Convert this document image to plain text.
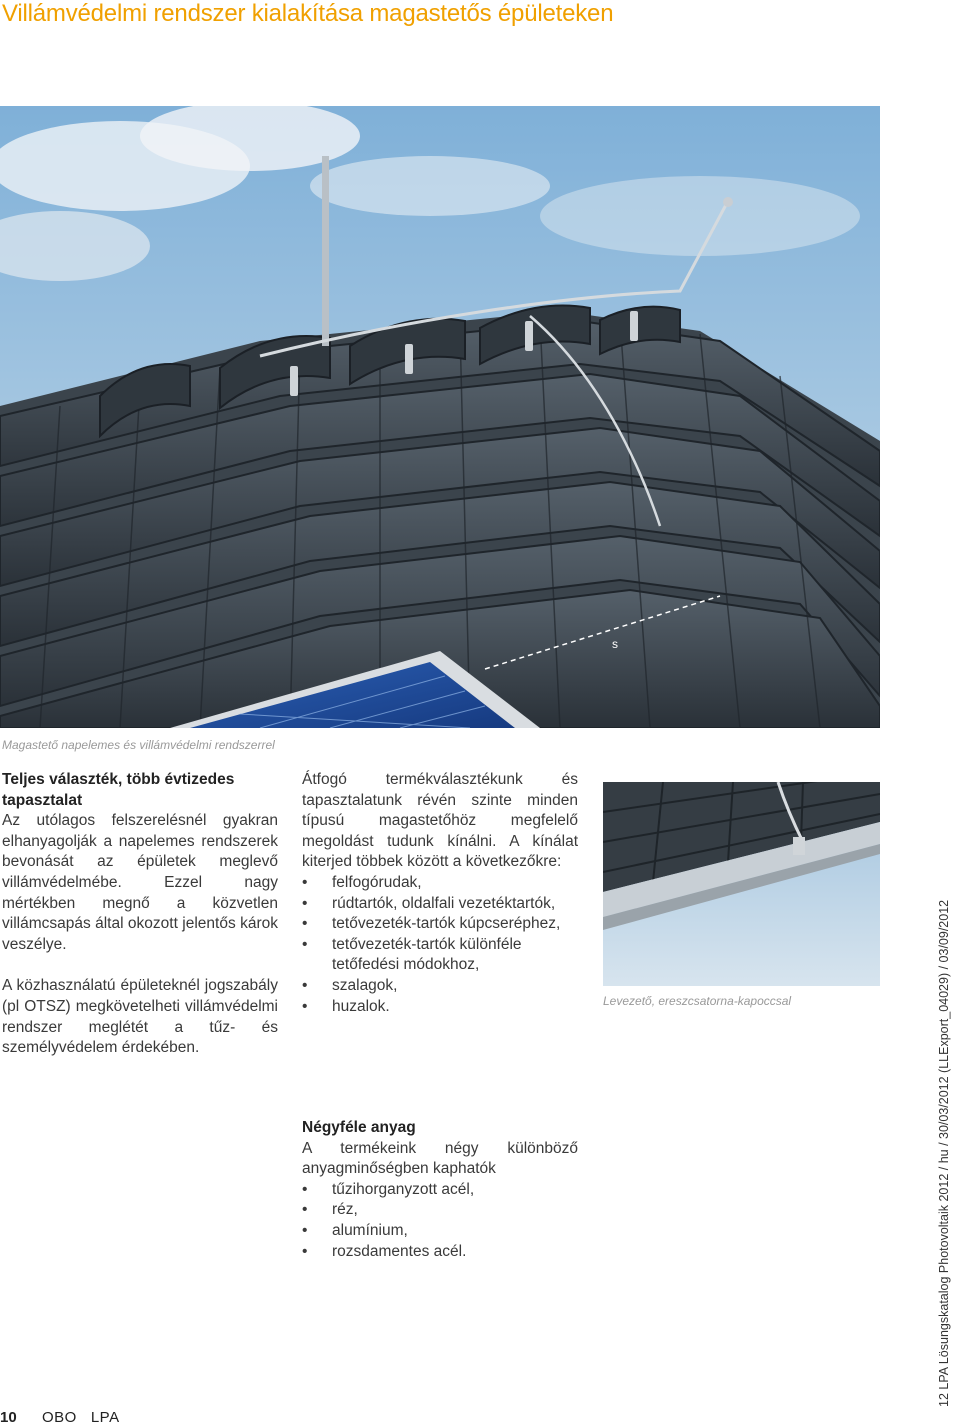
Villámvédelmi rendszer kialakítása magastetős épületeken
s
Magastető napelemes és villámvédelmi rendszerrel

Teljes választék, több évtizedes tapasztalat

Az utólagos felszerelésnél gyakran elhanyagolják a napelemes rendszerek bevonását az épületek meglevő villámvédelmébe. Ezzel nagy mértékben megnő a közvetlen villámcsapás által okozott jelentős károk veszélye.

A közhasználatú épületeknél jogszabály (pl OTSZ) megkövetelheti villámvédelmi rendszer meglétét a tűz- és személyvédelem érdekében.

Átfogó termékválasztékunk és tapasztalatunk révén szinte minden típusú magastetőhöz megfelelő megoldást tudunk kínálni. A kínálat kiterjed többek között a következőkre:

• felfogórudak,
• rúdtartók, oldalfali vezetéktartók,
• tetővezeték-tartók kúpcseréphez,
• tetővezeték-tartók különféle tetőfedési módokhoz,
• szalagok,
• huzalok.

Négyféle anyag

A termékeink négy különböző anyagminőségben kaphatók

• tűzihorganyzott acél,
• réz,
• alumínium,
• rozsdamentes acél.
Levezető, ereszcsatorna-kapoccsal	12 LPA Lösungskatalog Photovoltaik 2012 / hu / 30/03/2012 (LLExport_04029) / 03/09/2012
10 OBO   LPA
